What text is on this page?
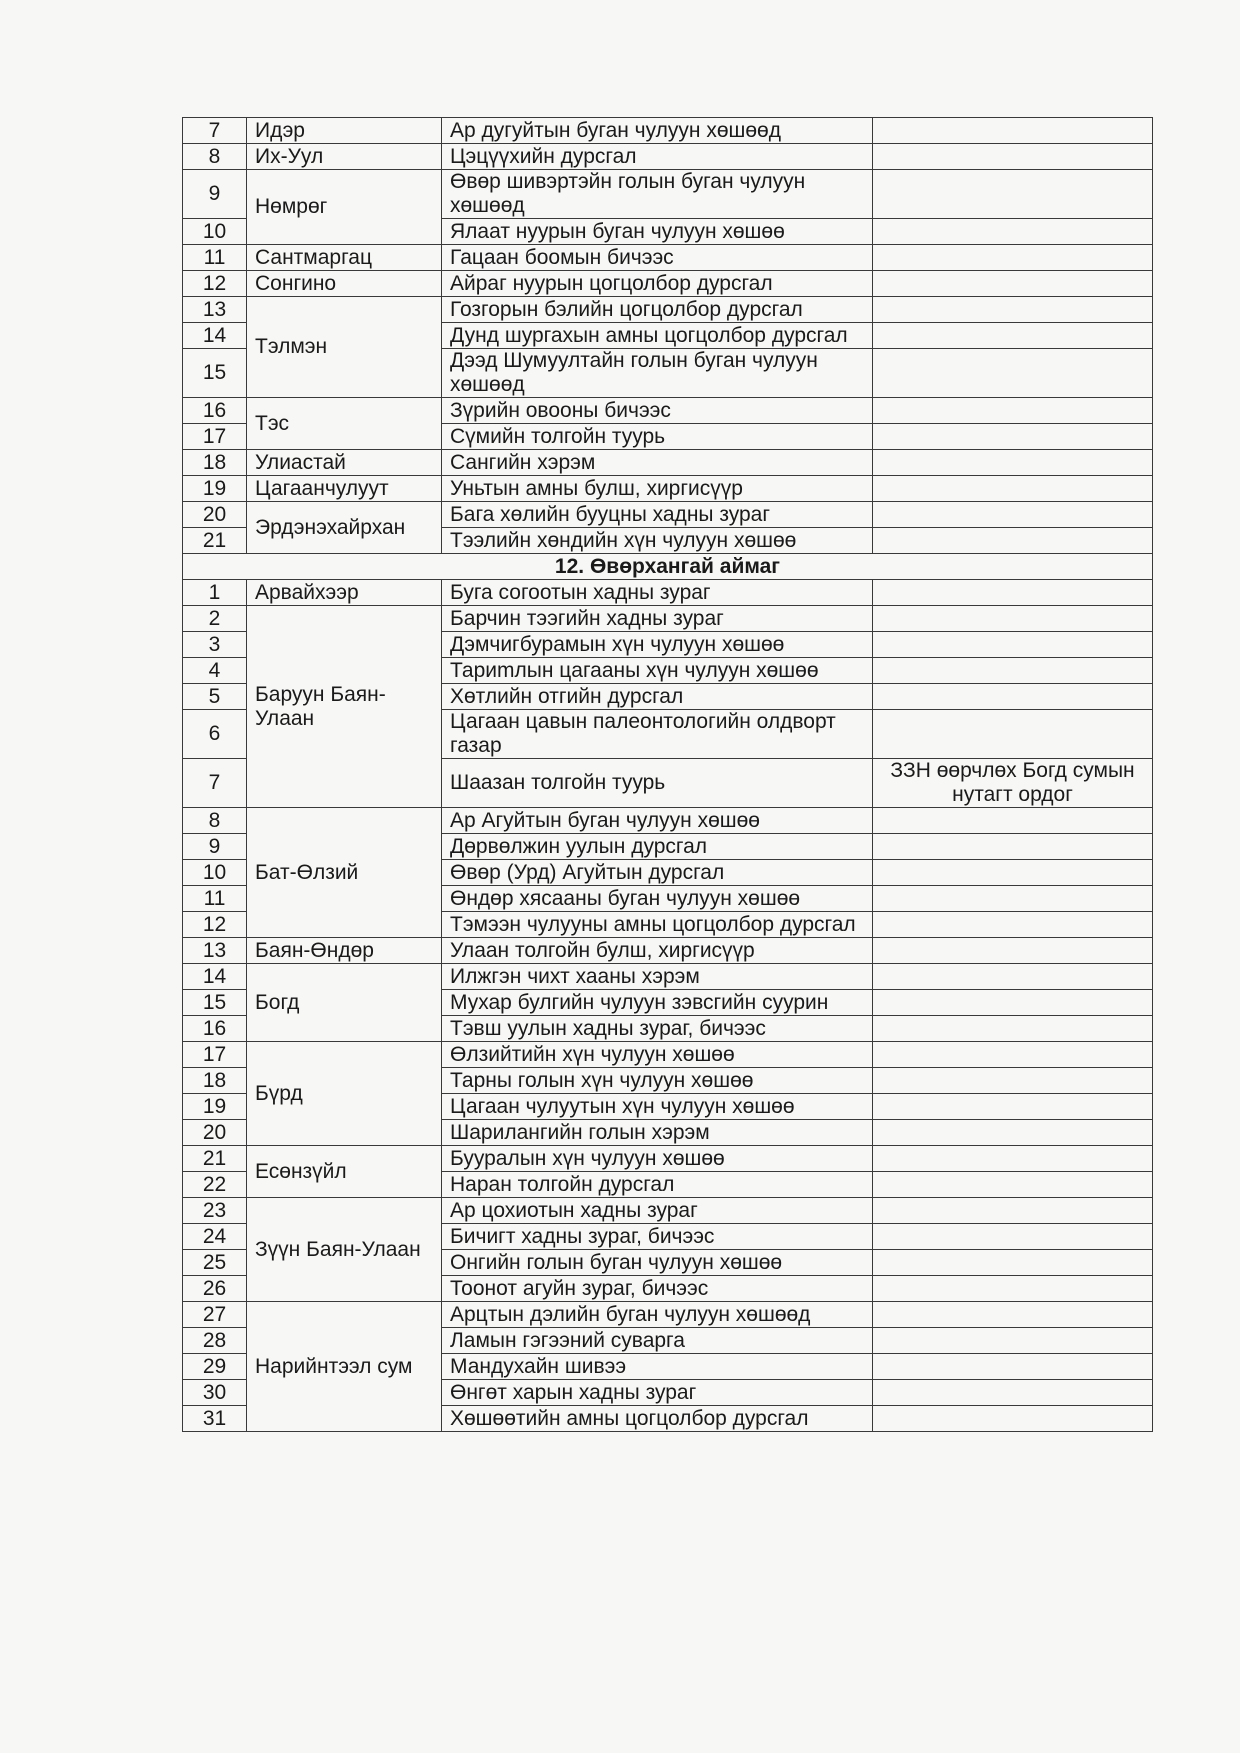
7	Идэр	Ар дугуйтын буган чулуун хөшөөд	
8	Их-Уул	Цэцүүхийн дурсгал	
9	Нөмрөг	Өвөр шивэртэйн голын буган чулуун хөшөөд	
10		Ялаат нуурын буган чулуун хөшөө	
11	Сантмаргац	Гацаан боомын бичээс	
12	Сонгино	Айраг нуурын цогцолбор дурсгал	
13	Тэлмэн	Гозгорын бэлийн цогцолбор дурсгал	
14		Дунд шургахын амны цогцолбор дурсгал	
15		Дээд Шумуултайн голын буган чулуун хөшөөд	
16	Тэс	Зүрийн овооны бичээс	
17		Сүмийн толгойн туурь	
18	Улиастай	Сангийн хэрэм	
19	Цагаанчулуут	Уньтын амны булш, хиргисүүр	
20	Эрдэнэхайрхан	Бага хөлийн бууцны хадны зураг	
21		Тээлийн хөндийн хүн чулуун хөшөө	
12. Өвөрхангай аймаг			
1	Арвайхээр	Буга согоотын хадны зураг	
2	Баруун Баян-Улаан	Барчин тээгийн хадны зураг	
3		Дэмчигбурамын хүн чулуун хөшөө	
4		Тариmлын цагааны хүн чулуун хөшөө	
5		Хөтлийн отгийн дурсгал	
6		Цагаан цавын палеонтологийн олдворт газар	
7		Шаазан толгойн туурь	ЗЗН өөрчлөх Богд сумын нутагт ордог
8	Бат-Өлзий	Ар Агуйтын буган чулуун хөшөө	
9		Дөрвөлжин уулын дурсгал	
10		Өвөр (Урд) Агуйтын дурсгал	
11		Өндөр хясааны буган чулуун хөшөө	
12		Тэмээн чулууны амны цогцолбор дурсгал	
13	Баян-Өндөр	Улаан толгойн булш, хиргисүүр	
14	Богд	Илжгэн чихт хааны хэрэм	
15		Мухар булгийн чулуун зэвсгийн суурин	
16		Тэвш уулын хадны зураг, бичээс	
17	Бүрд	Өлзийтийн хүн чулуун хөшөө	
18		Тарны голын хүн чулуун хөшөө	
19		Цагаан чулуутын хүн чулуун хөшөө	
20		Шарилангийн голын хэрэм	
21	Есөнзүйл	Бууралын хүн чулуун хөшөө	
22		Наран толгойн дурсгал	
23	Зүүн Баян-Улаан	Ар цохиотын хадны зураг	
24		Бичигт хадны зураг, бичээс	
25		Онгийн голын буган чулуун хөшөө	
26		Тоонот агуйн зураг, бичээс	
27	Нарийнтээл сум	Арцтын дэлийн буган чулуун хөшөөд	
28		Ламын гэгээний суварга	
29		Мандухайн шивээ	
30		Өнгөт харын хадны зураг	
31		Хөшөөтийн амны цогцолбор дурсгал	
